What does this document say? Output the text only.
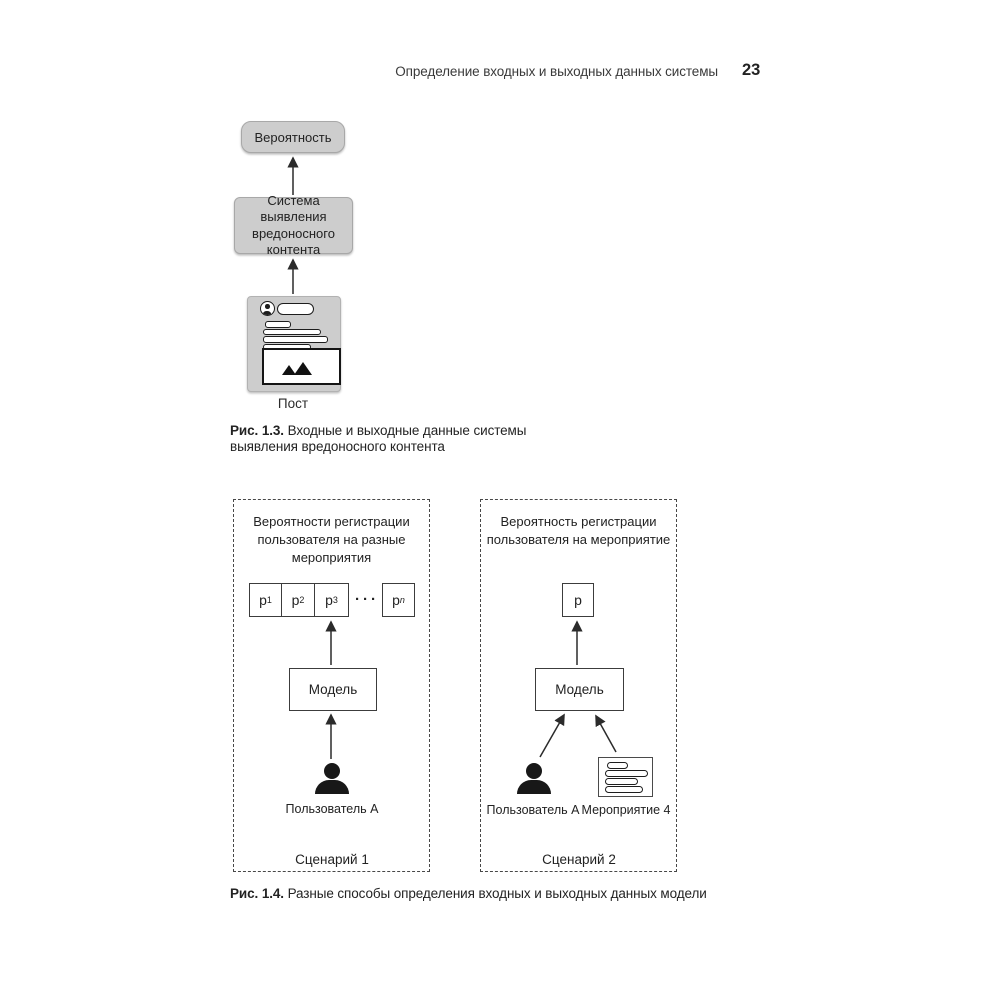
Определение входных и выходных данных системы 23
Вероятность
Система выявления
вредоносного
контента
Пост
Рис. 1.3. Входные и выходные данные системы
выявления вредоносного контента
Вероятности регистрации
пользователя на разные
мероприятия
p 1 p 2 p 3 ··· p n
Модель
Пользователь А
Сценарий 1
Вероятность регистрации
пользователя на мероприятие
p
Модель
Пользователь А Мероприятие 4
Сценарий 2
Рис. 1.4. Разные способы определения входных и выходных данных модели
